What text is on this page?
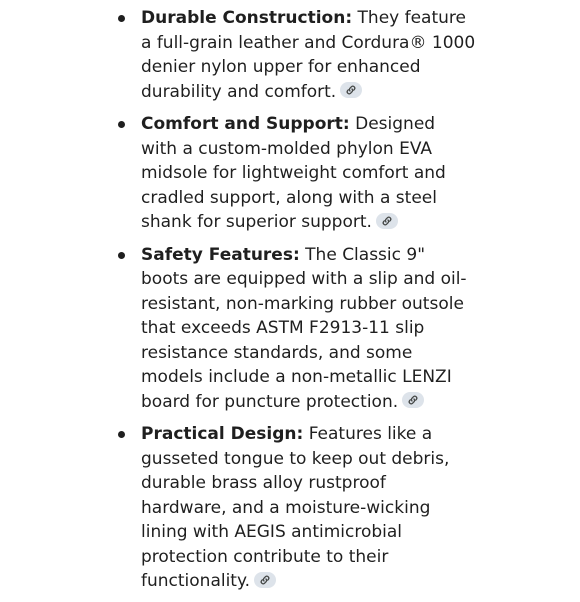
Durable Construction: They feature a full-grain leather and Cordura® 1000 denier nylon upper for enhanced durability and comfort.
Comfort and Support: Designed with a custom-molded phylon EVA midsole for lightweight comfort and cradled support, along with a steel shank for superior support.
Safety Features: The Classic 9" boots are equipped with a slip and oil-resistant, non-marking rubber outsole that exceeds ASTM F2913-11 slip resistance standards, and some models include a non-metallic LENZI board for puncture protection.
Practical Design: Features like a gusseted tongue to keep out debris, durable brass alloy rustproof hardware, and a moisture-wicking lining with AEGIS antimicrobial protection contribute to their functionality.
